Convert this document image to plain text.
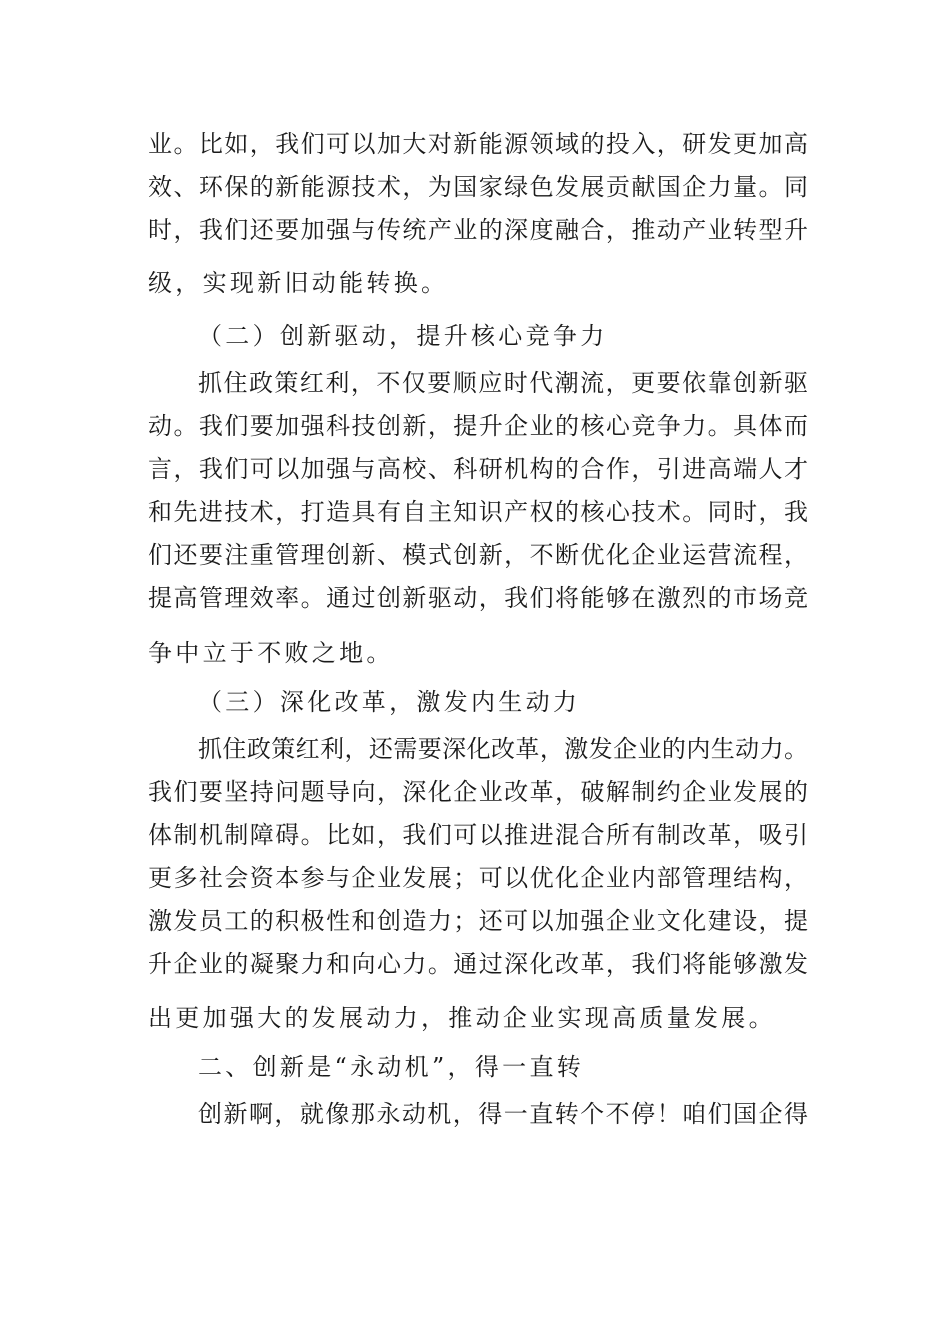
业。比如，我们可以加大对新能源领域的投入，研发更加高
效、环保的新能源技术，为国家绿色发展贡献国企力量。同
时，我们还要加强与传统产业的深度融合，推动产业转型升
级，实现新旧动能转换。
（二）创新驱动，提升核心竞争力
抓住政策红利，不仅要顺应时代潮流，更要依靠创新驱
动。我们要加强科技创新，提升企业的核心竞争力。具体而
言，我们可以加强与高校、科研机构的合作，引进高端人才
和先进技术，打造具有自主知识产权的核心技术。同时，我
们还要注重管理创新、模式创新，不断优化企业运营流程，
提高管理效率。通过创新驱动，我们将能够在激烈的市场竞
争中立于不败之地。
（三）深化改革，激发内生动力
抓住政策红利，还需要深化改革，激发企业的内生动力。
我们要坚持问题导向，深化企业改革，破解制约企业发展的
体制机制障碍。比如，我们可以推进混合所有制改革，吸引
更多社会资本参与企业发展；可以优化企业内部管理结构，
激发员工的积极性和创造力；还可以加强企业文化建设，提
升企业的凝聚力和向心力。通过深化改革，我们将能够激发
出更加强大的发展动力，推动企业实现高质量发展。
二、创新是“永动机”，得一直转
创新啊，就像那永动机，得一直转个不停！咱们国企得
